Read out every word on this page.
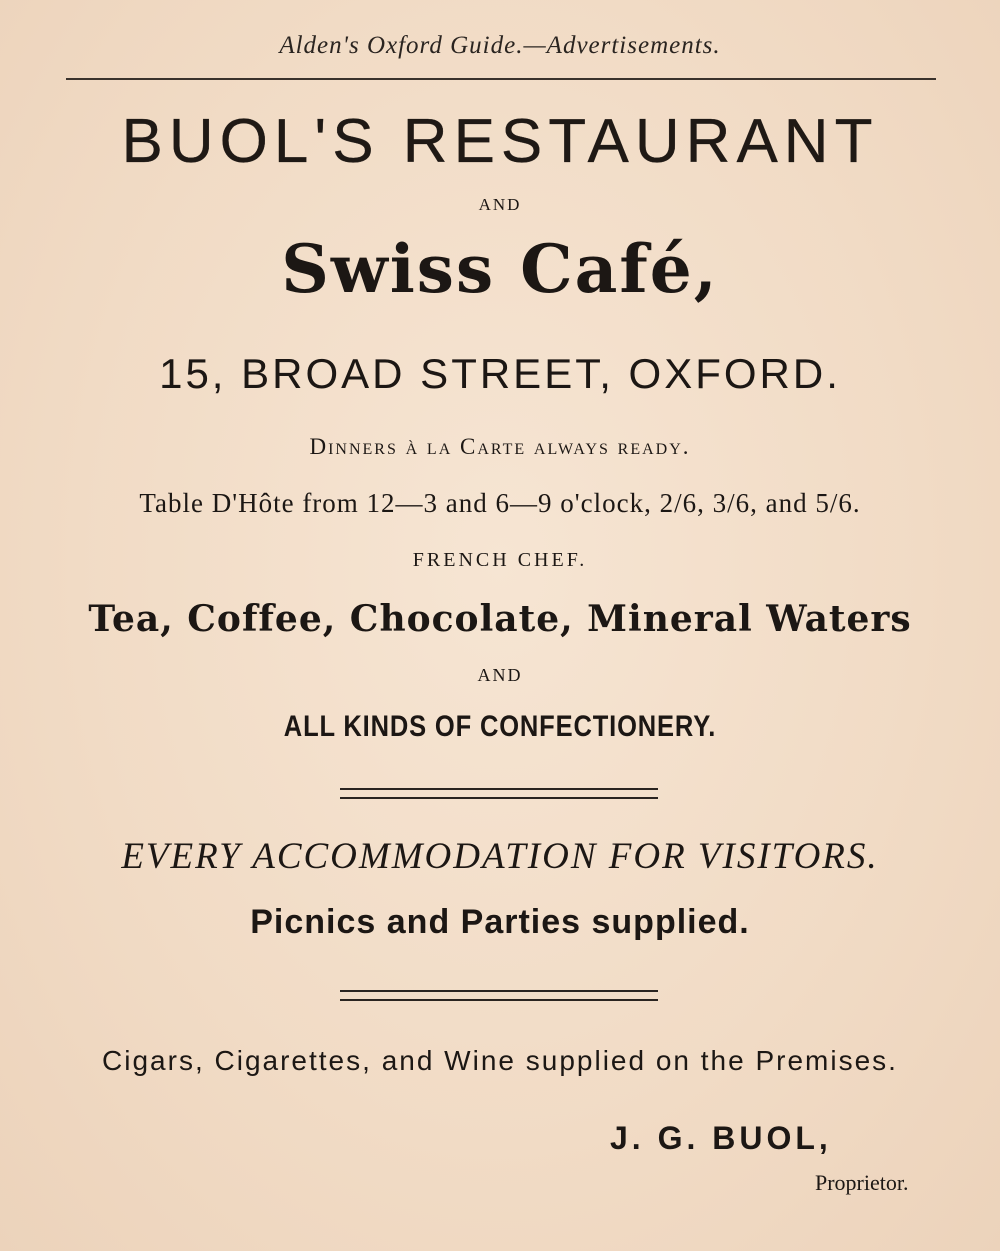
Alden's Oxford Guide.—Advertisements.
BUOL'S RESTAURANT
AND
Swiss Café,
15, BROAD STREET, OXFORD.
Dinners à la Carte always ready.
Table D'Hôte from 12—3 and 6—9 o'clock, 2/6, 3/6, and 5/6.
FRENCH CHEF.
Tea, Coffee, Chocolate, Mineral Waters
AND
ALL KINDS OF CONFECTIONERY.
EVERY ACCOMMODATION FOR VISITORS.
Picnics and Parties supplied.
Cigars, Cigarettes, and Wine supplied on the Premises.
J. G. BUOL,
Proprietor.
